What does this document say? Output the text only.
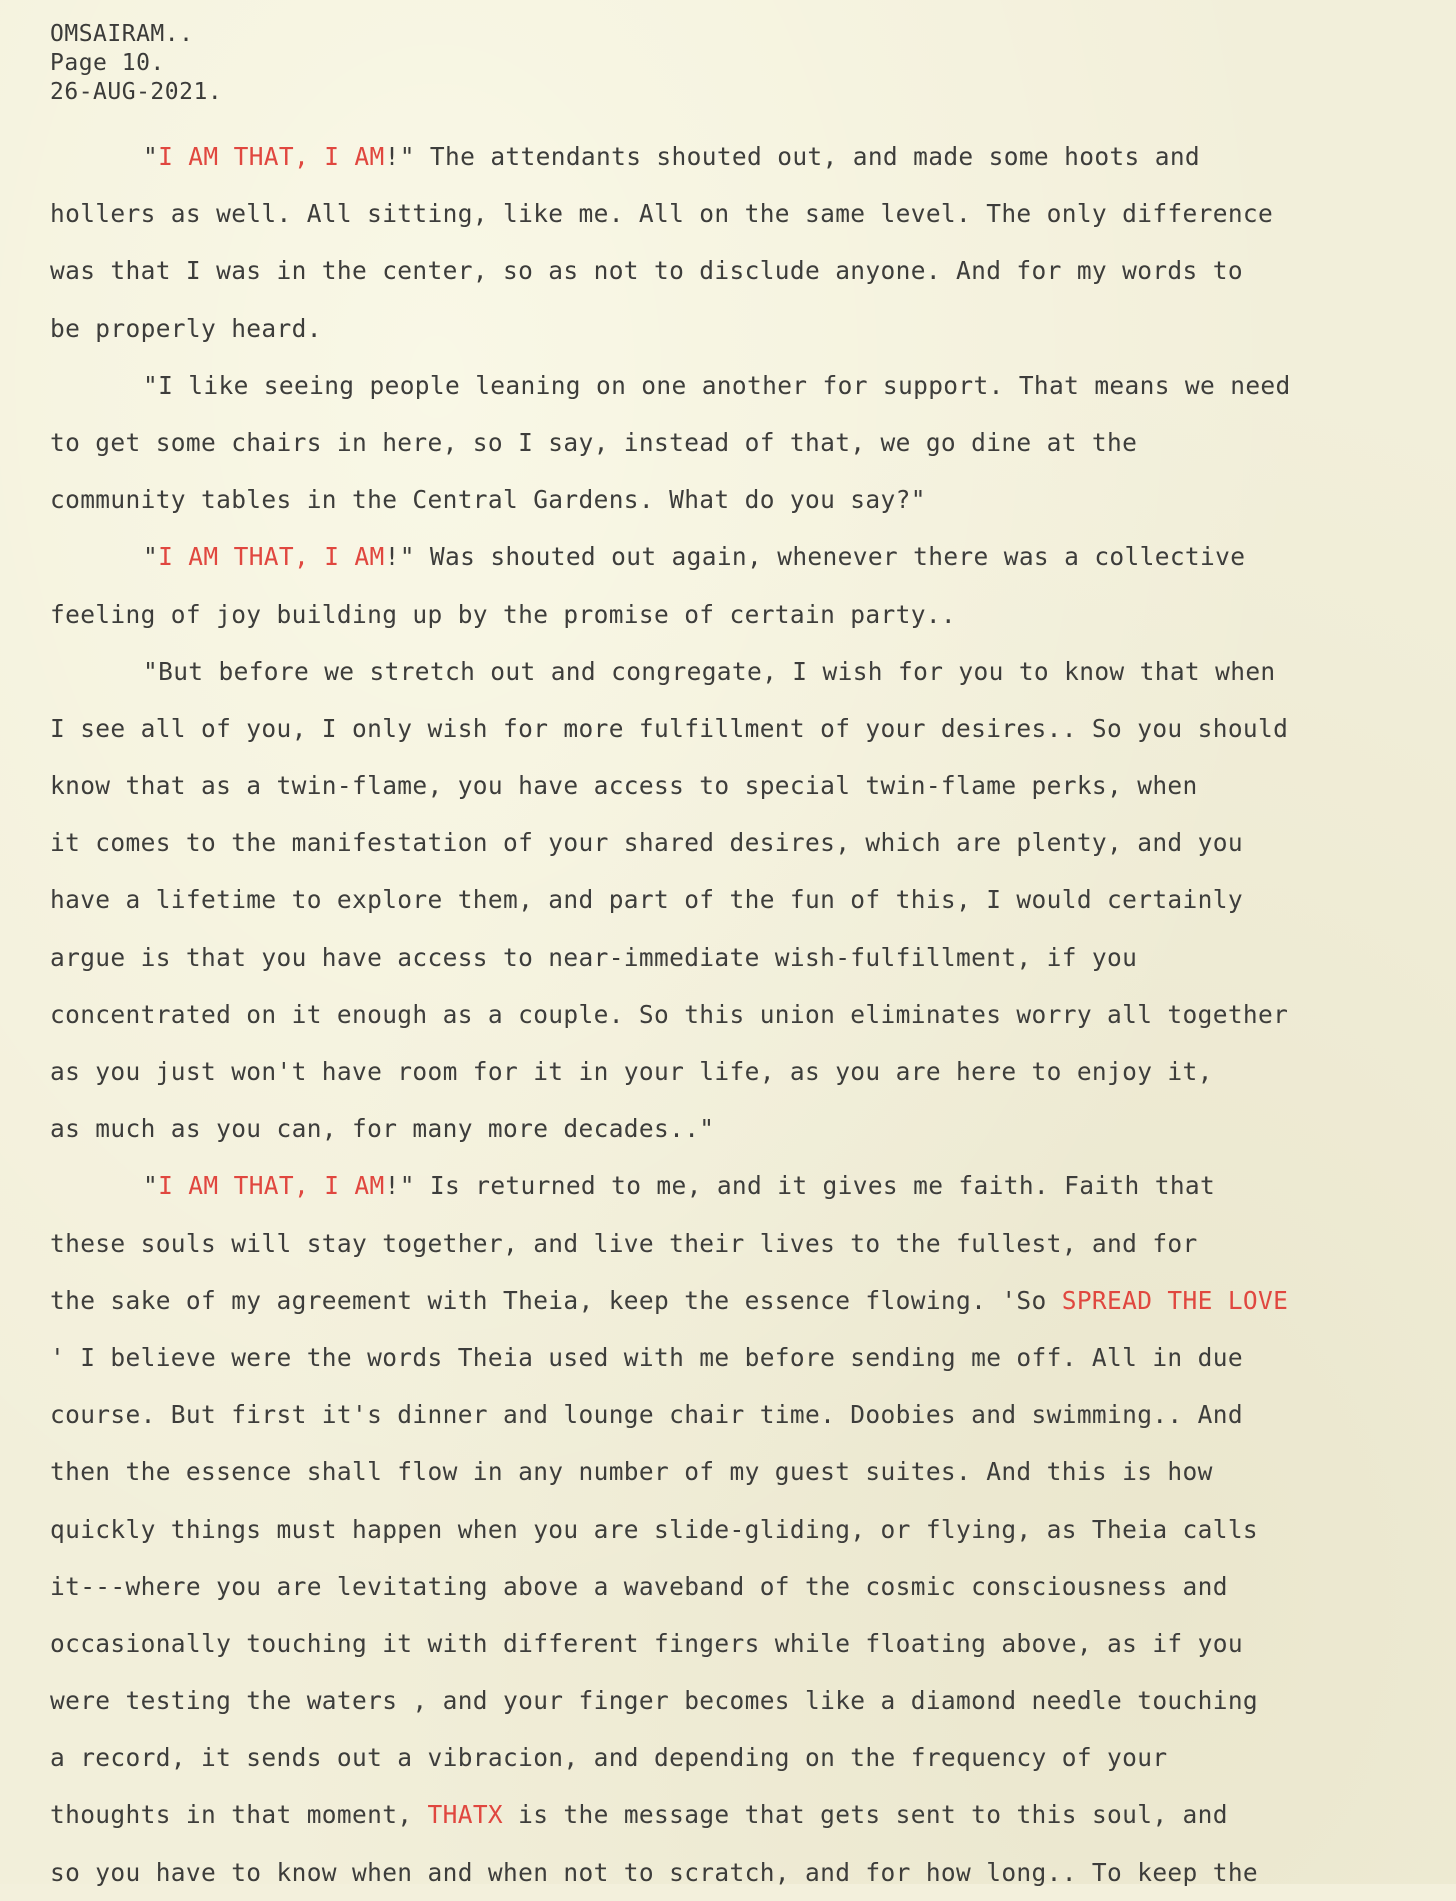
OMSAIRAM..
Page 10.
26-AUG-2021.
"I AM THAT, I AM!" The attendants shouted out, and made some hoots and
hollers as well. All sitting, like me. All on the same level. The only difference
was that I was in the center, so as not to disclude anyone. And for my words to
be properly heard.
"I like seeing people leaning on one another for support. That means we need
to get some chairs in here, so I say, instead of that, we go dine at the
community tables in the Central Gardens. What do you say?"
"I AM THAT, I AM!" Was shouted out again, whenever there was a collective
feeling of joy building up by the promise of certain party..
"But before we stretch out and congregate, I wish for you to know that when
I see all of you, I only wish for more fulfillment of your desires.. So you should
know that as a twin-flame, you have access to special twin-flame perks, when
it comes to the manifestation of your shared desires, which are plenty, and you
have a lifetime to explore them, and part of the fun of this, I would certainly
argue is that you have access to near-immediate wish-fulfillment, if you
concentrated on it enough as a couple. So this union eliminates worry all together
as you just won't have room for it in your life, as you are here to enjoy it,
as much as you can, for many more decades.."
"I AM THAT, I AM!" Is returned to me, and it gives me faith. Faith that
these souls will stay together, and live their lives to the fullest, and for
the sake of my agreement with Theia, keep the essence flowing. 'So SPREAD THE LOVE
' I believe were the words Theia used with me before sending me off. All in due
course. But first it's dinner and lounge chair time. Doobies and swimming.. And
then the essence shall flow in any number of my guest suites. And this is how
quickly things must happen when you are slide-gliding, or flying, as Theia calls
it---where you are levitating above a waveband of the cosmic consciousness and
occasionally touching it with different fingers while floating above, as if you
were testing the waters , and your finger becomes like a diamond needle touching
a record, it sends out a vibracion, and depending on the frequency of your
thoughts in that moment, THATX is the message that gets sent to this soul, and
so you have to know when and when not to scratch, and for how long.. To keep the
